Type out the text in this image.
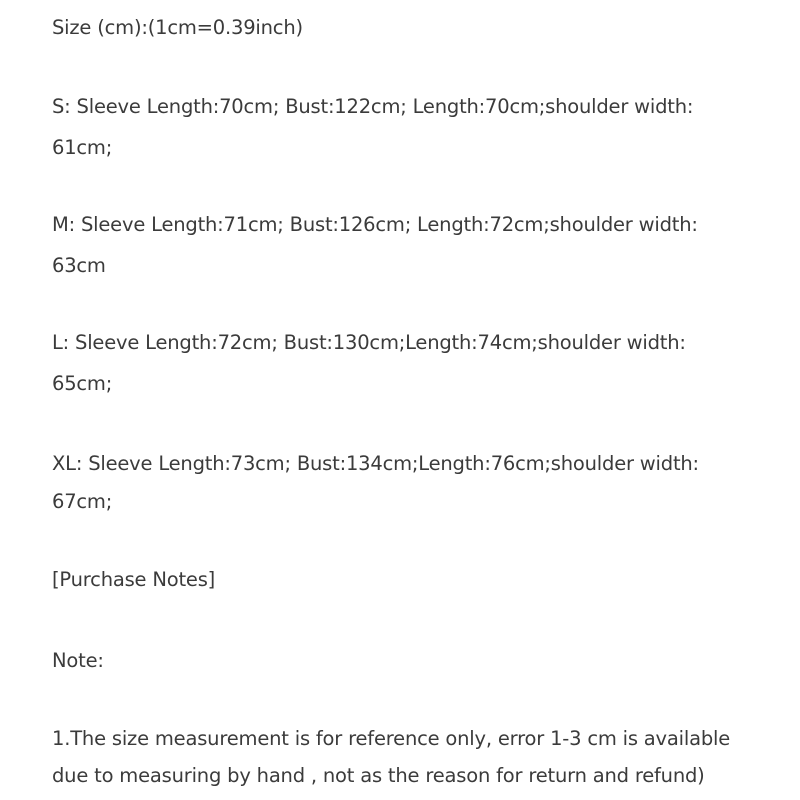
Size (cm):(1cm=0.39inch)
S: Sleeve Length:70cm; Bust:122cm; Length:70cm;shoulder width:
61cm;
M: Sleeve Length:71cm; Bust:126cm; Length:72cm;shoulder width:
63cm
L: Sleeve Length:72cm; Bust:130cm;Length:74cm;shoulder width:
65cm;
XL: Sleeve Length:73cm; Bust:134cm;Length:76cm;shoulder width:
67cm;
[Purchase Notes]
Note:
1.The size measurement is for reference only, error 1-3 cm is available
due to measuring by hand , not as the reason for return and refund)
